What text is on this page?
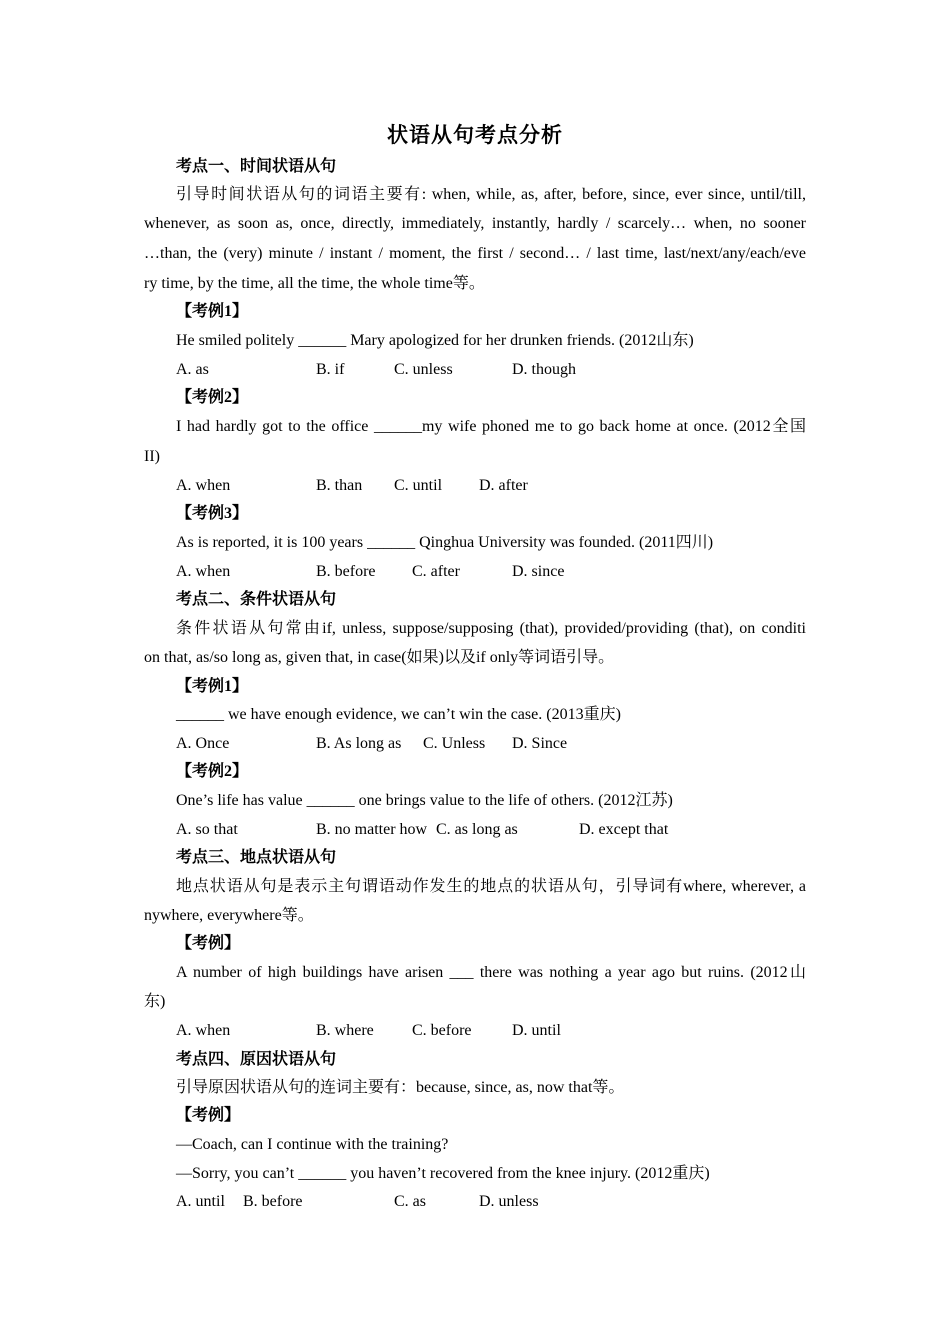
状语从句考点分析
考点一、时间状语从句
引导时间状语从句的词语主要有: when, while, as, after, before, since, ever since, until/till,
whenever, as soon as, once, directly, immediately, instantly, hardly / scarcely… when, no sooner
…than, the (very) minute / instant / moment, the first / second… / last time, last/next/any/each/eve
ry time, by the time, all the time, the whole time等。
【考例1】
He smiled politely ______ Mary apologized for her drunken friends. (2012山东)
A. as	B. if	C. unless	D. though
【考例2】
I had hardly got to the office ______my wife phoned me to go back home at once. (2012全国
II)
A. when	B. than C. until D. after
【考例3】
As is reported, it is 100 years ______ Qinghua University was founded. (2011四川)
A. when	B. before C. after	D. since
考点二、条件状语从句
条件状语从句常由if, unless, suppose/supposing (that), provided/providing (that), on conditi
on that, as/so long as, given that, in case(如果)以及if only等词语引导。
【考例1】
______ we have enough evidence, we can’t win the case. (2013重庆)
A. Once	B. As long as C. Unless D. Since
【考例2】
One’s life has value ______ one brings value to the life of others. (2012江苏)
A. so that	B. no matter how C. as long as	D. except that
考点三、地点状语从句
地点状语从句是表示主句谓语动作发生的地点的状语从句，引导词有where, wherever, a
nywhere, everywhere等。
【考例】
A number of high buildings have arisen ___ there was nothing a year ago but ruins. (2012山
东)
A. when	B. where C. before	D. until
考点四、原因状语从句
引导原因状语从句的连词主要有：because, since, as, now that等。
【考例】
—Coach, can I continue with the training?
—Sorry, you can’t ______ you haven’t recovered from the knee injury. (2012重庆)
A. until B. before	C. as	D. unless
